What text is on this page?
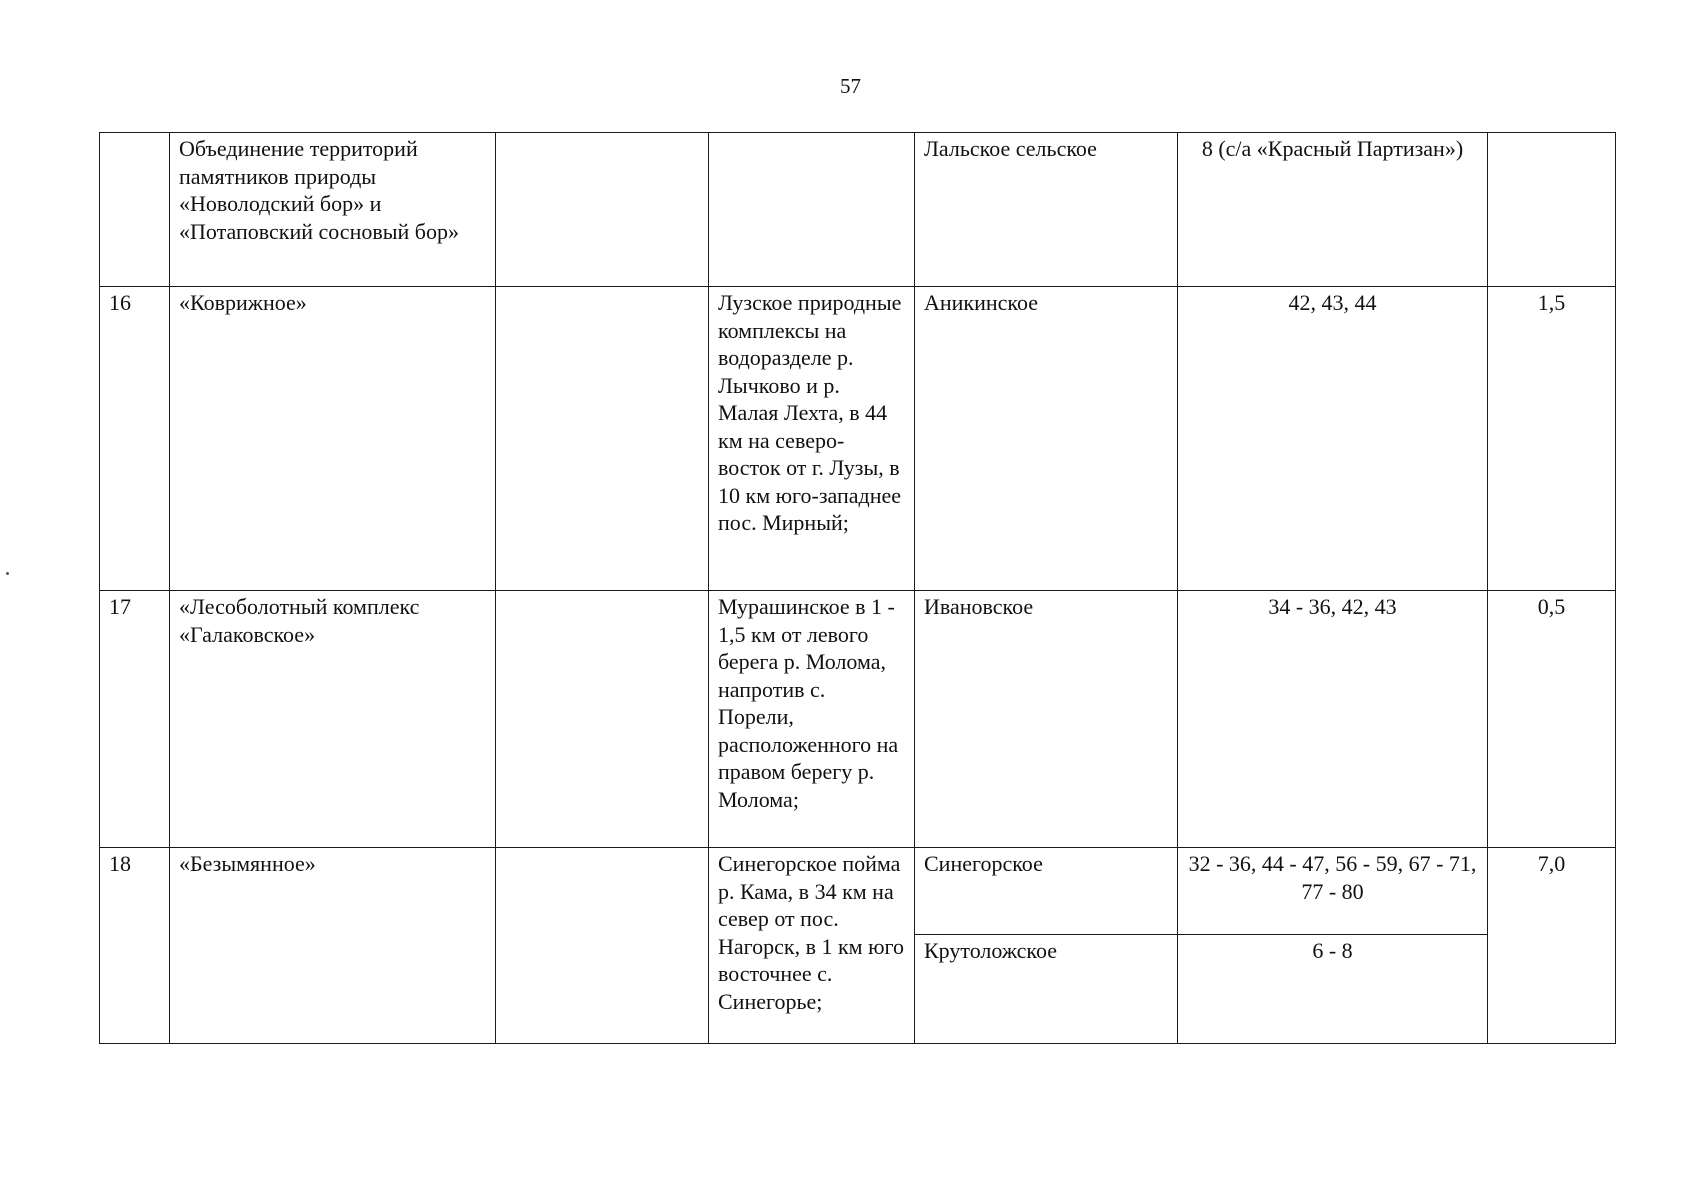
57
	Объединение территорий памятников природы «Новолодский бор» и «Потаповский сосновый бор»			Лальское сельское	8 (с/а «Красный Партизан»)	
16	«Коврижное»		Лузское природные комплексы на водоразделе р. Лычково и р. Малая Лехта, в 44 км на северо-восток от г. Лузы, в 10 км юго-западнее пос. Мирный;	Аникинское	42, 43, 44	1,5
17	«Лесоболотный комплекс «Галаковское»		Мурашинское в 1 - 1,5 км от левого берега р. Молома, напротив с. Порели, расположенного на правом берегу р. Молома;	Ивановское	34 - 36, 42, 43	0,5
18	«Безымянное»		Синегорское пойма р. Кама, в 34 км на север от пос. Нагорск, в 1 км юго восточнее с. Синегорье;	Синегорское	32 - 36, 44 - 47, 56 - 59, 67 - 71, 77 - 80	7,0
				Крутоложское	6 - 8	
